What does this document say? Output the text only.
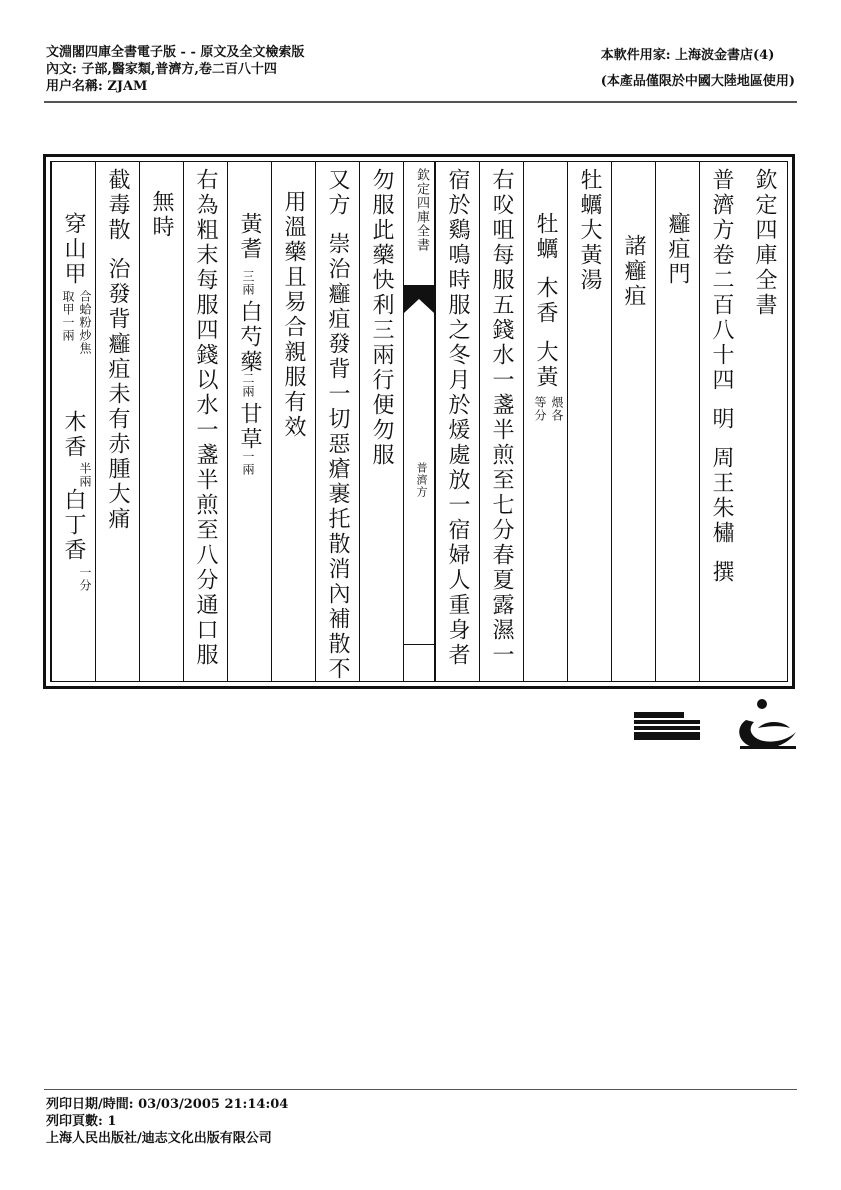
文淵閣四庫全書電子版 - - 原文及全文檢索版
內文: 子部,醫家類,普濟方,卷二百八十四
用户名稱: ZJAM
本軟件用家: 上海波金書店(4)
(本產品僅限於中國大陸地區使用)
欽定四庫全書
普濟方卷二百八十四明周王朱橚撰
癰疽門
諸癰疽
牡蠣大黃湯
牡蠣木香大黃
煨各
等分
右㕮咀每服五錢水一盞半煎至七分春夏露濕一
宿於鷄鳴時服之冬月於煖處放一宿婦人重身者
欽定四庫全書
普濟方
勿服此藥快利三兩行便勿服
又方崇治癰疽發背一切惡瘡裹托散消內補散不
用溫藥且易合親服有效
黃耆
三兩
白芍藥
二兩
甘草
一兩
右為粗末每服四錢以水一盞半煎至八分通口服
無時
截毒散治發背癰疽未有赤腫大痛
穿山甲
合蛤粉炒焦
取甲一兩
木香
半兩
白丁香
一分
列印日期/時間: 03/03/2005 21:14:04
列印頁數: 1
上海人民出版社/迪志文化出版有限公司
